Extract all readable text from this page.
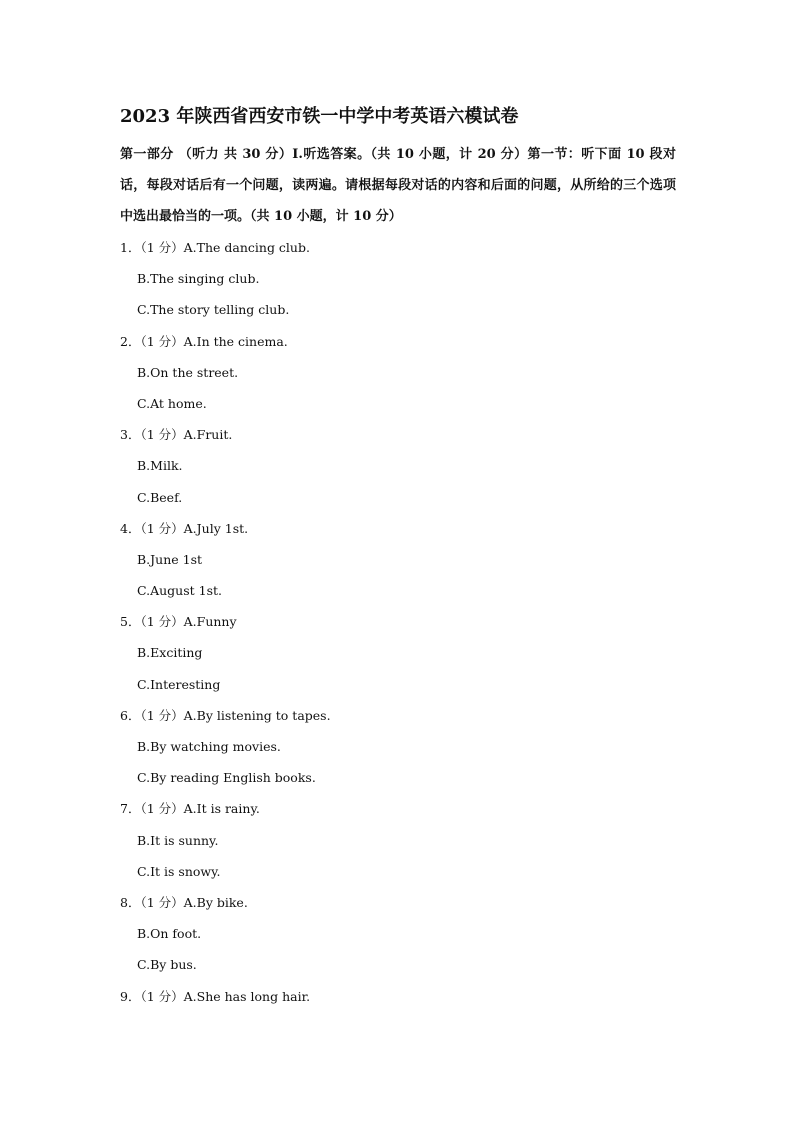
2023 年陕西省西安市铁一中学中考英语六模试卷
第一部分 （听力 共 30 分）I.听选答案。（共 10 小题，计 20 分）第一节：听下面 10 段对话，每段对话后有一个问题，读两遍。请根据每段对话的内容和后面的问题，从所给的三个选项中选出最恰当的一项。（共 10 小题，计 10 分）
1．（1 分）A.The dancing club.
B.The singing club.
C.The story telling club.
2．（1 分）A.In the cinema.
B.On the street.
C.At home.
3．（1 分）A.Fruit.
B.Milk.
C.Beef.
4．（1 分）A.July 1st.
B.June 1st
C.August 1st.
5．（1 分）A.Funny
B.Exciting
C.Interesting
6．（1 分）A.By listening to tapes.
B.By watching movies.
C.By reading English books.
7．（1 分）A.It is rainy.
B.It is sunny.
C.It is snowy.
8．（1 分）A.By bike.
B.On foot.
C.By bus.
9．（1 分）A.She has long hair.
